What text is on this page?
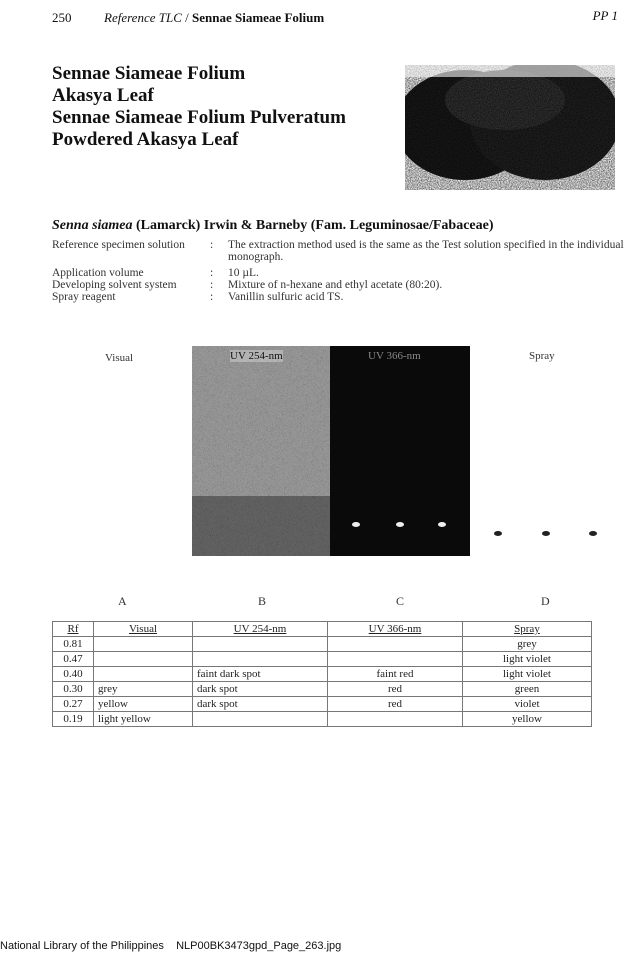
250	Reference TLC / Sennae Siameae Folium	PP 1
Sennae Siameae Folium
Akasya Leaf
Sennae Siameae Folium Pulveratum
Powdered Akasya Leaf
Senna siamea (Lamarck) Irwin & Barneby (Fam. Leguminosae/Fabaceae)
Reference specimen solution	: The extraction method used is the same as the Test solution specified in the individual monograph.
Application volume	: 10 µL.
Developing solvent system	: Mixture of n-hexane and ethyl acetate (80:20).
Spray reagent	: Vanillin sulfuric acid TS.
Visual	UV 254-nm	UV 366-nm	Spray
A	B	C	D
Rf	Visual	UV 254-nm	UV 366-nm	Spray
0.81				grey
0.47				light violet
0.40		faint dark spot	faint red	light violet
0.30	grey	dark spot	red	green
0.27	yellow	dark spot	red	violet
0.19	light yellow			yellow
National Library of the Philippines NLP00BK3473gpd_Page_263.jpg
